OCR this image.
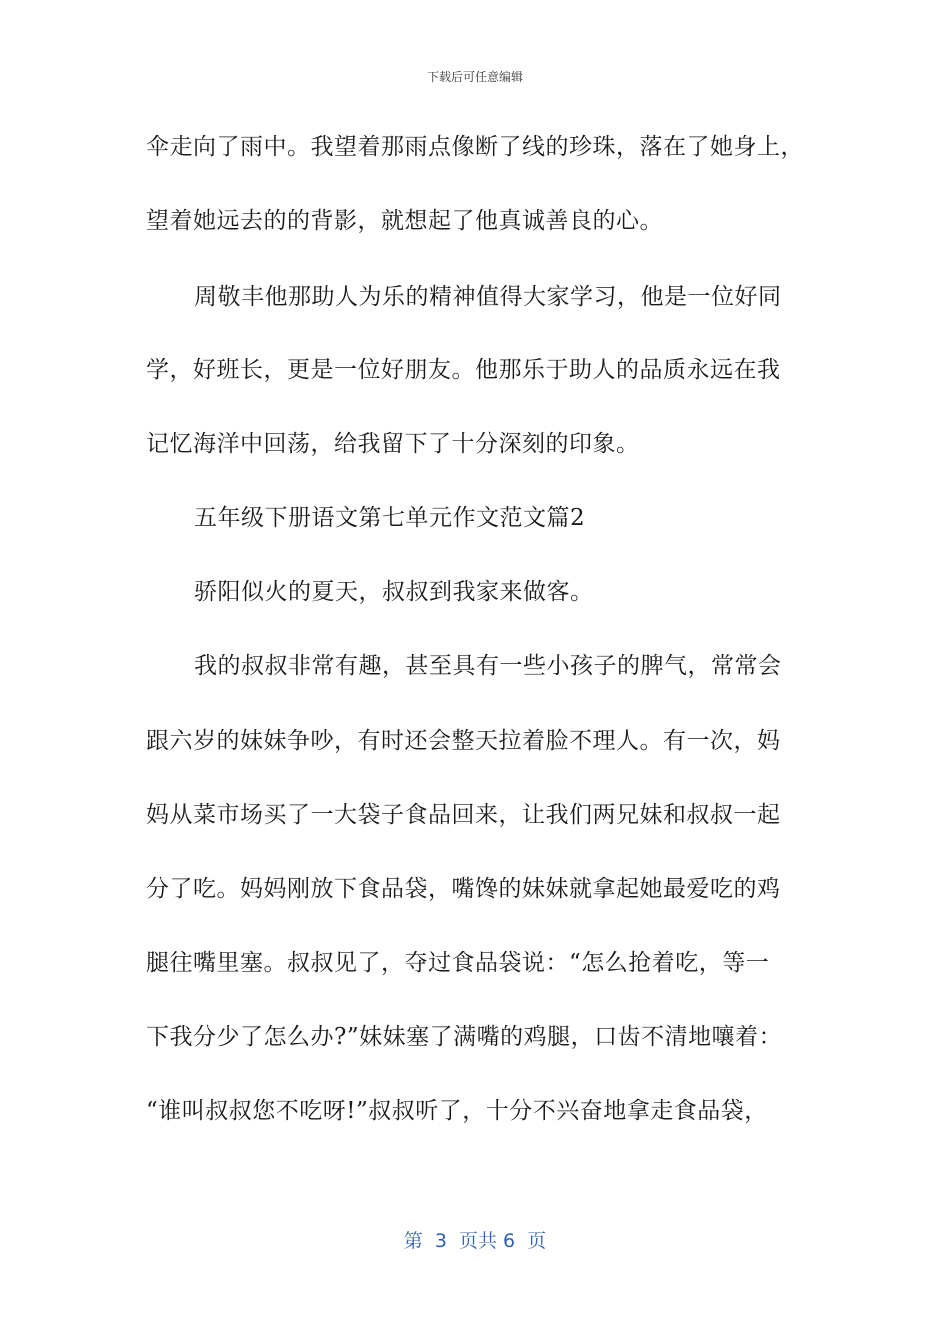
下载后可任意编辑
伞走向了雨中。我望着那雨点像断了线的珍珠，落在了她身上，
望着她远去的的背影，就想起了他真诚善良的心。
周敬丰他那助人为乐的精神值得大家学习，他是一位好同
学，好班长，更是一位好朋友。他那乐于助人的品质永远在我
记忆海洋中回荡，给我留下了十分深刻的印象。
五年级下册语文第七单元作文范文篇2
骄阳似火的夏天，叔叔到我家来做客。
我的叔叔非常有趣，甚至具有一些小孩子的脾气，常常会
跟六岁的妹妹争吵，有时还会整天拉着脸不理人。有一次，妈
妈从菜市场买了一大袋子食品回来，让我们两兄妹和叔叔一起
分了吃。妈妈刚放下食品袋，嘴馋的妹妹就拿起她最爱吃的鸡
腿往嘴里塞。叔叔见了，夺过食品袋说：“怎么抢着吃，等一
下我分少了怎么办?”妹妹塞了满嘴的鸡腿，口齿不清地嚷着：
“谁叫叔叔您不吃呀!”叔叔听了，十分不兴奋地拿走食品袋，
第  3  页共 6  页
